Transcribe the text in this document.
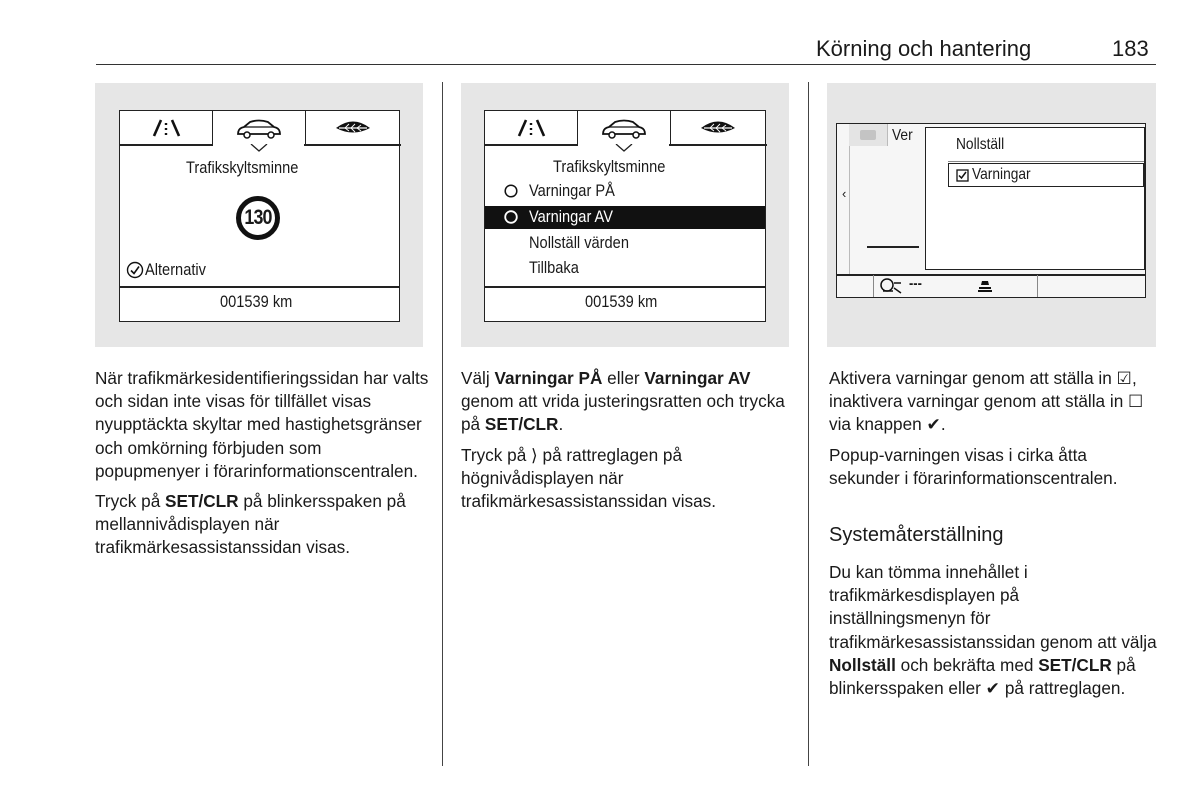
Körning och hantering	183
Trafikskyltsminne
130
Alternativ
001539 km
Trafikskyltsminne
Varningar PÅ
Varningar AV
Nollställ värden
Tillbaka
001539 km
Ver
‹
Nollställ
Varningar
---

När trafikmärkesidentifieringssidan har valts och sidan inte visas för tillfället visas nyupptäckta skyltar med hastighetsgränser och omkörning förbjuden som popupmenyer i förarinformationscentralen.

Tryck på SET/CLR på blinkersspaken på mellannivådisplayen när trafikmärkesassistanssidan visas.

Välj Varningar PÅ eller Varningar AV genom att vrida justeringsratten och trycka på SET/CLR.

Tryck på ⟩ på rattreglagen på högnivådisplayen när trafikmärkesassistanssidan visas.

Aktivera varningar genom att ställa in ☑, inaktivera varningar genom att ställa in ☐ via knappen ✔.

Popup-varningen visas i cirka åtta sekunder i förarinformationscentralen.

Systemåterställning

Du kan tömma innehållet i trafikmärkesdisplayen på inställningsmenyn för trafikmärkesassistanssidan genom att välja Nollställ och bekräfta med SET/CLR på blinkersspaken eller ✔ på rattreglagen.
